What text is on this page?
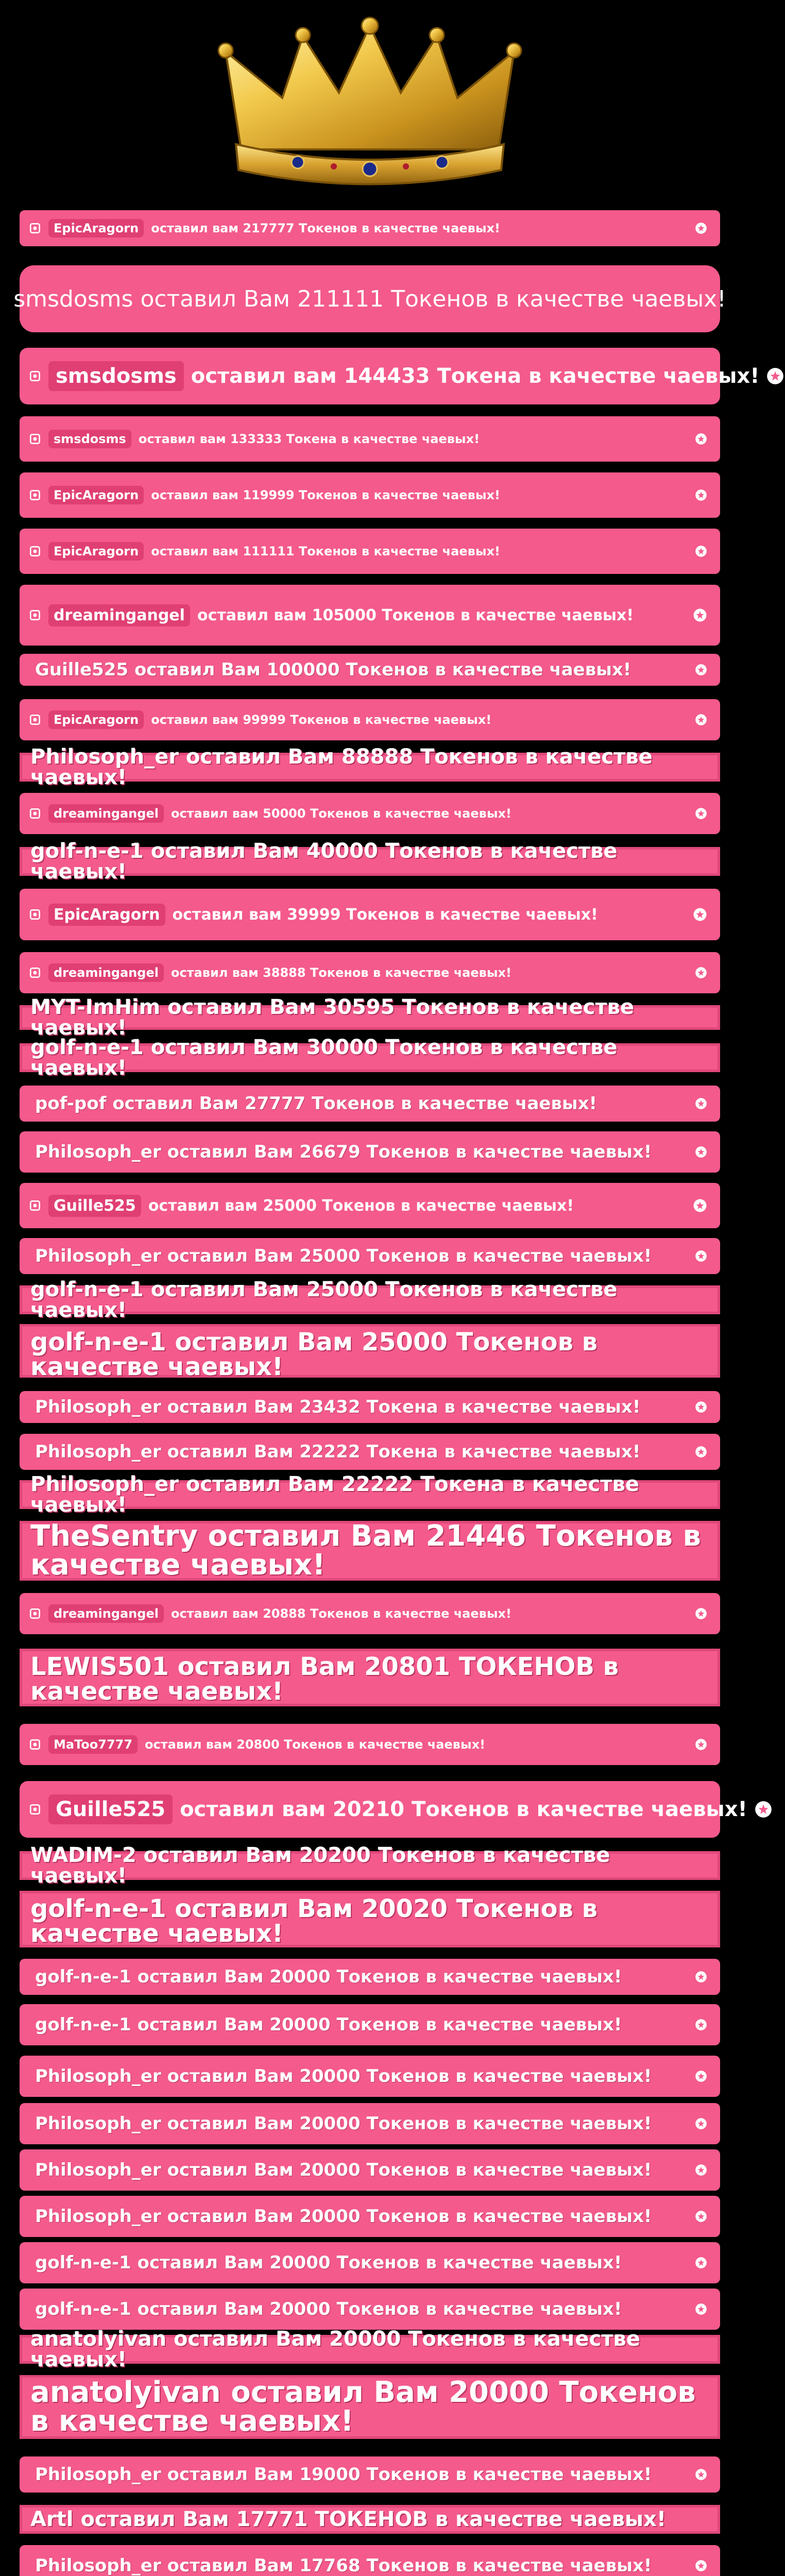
EpicAragorn	оставил вам 217777 Токенов в качестве чаевых!
smsdosms оставил Вам 211111 Токенов в качестве чаевых!
smsdosms оставил вам 144433 Токена в качестве чаевых!
smsdosms	оставил вам 133333 Токена в качестве чаевых!
EpicAragorn	оставил вам 119999 Токенов в качестве чаевых!
EpicAragorn	оставил вам 111111 Токенов в качестве чаевых!
dreamingangel оставил вам 105000 Токенов в качестве чаевых!
Guille525 оставил Вам 100000 Токенов в качестве чаевых!
EpicAragorn	оставил вам 99999 Токенов в качестве чаевых!
Philosoph_er оставил Вам 88888 Токенов в качестве чаевых!
dreamingangel	оставил вам 50000 Токенов в качестве чаевых!
golf-n-e-1 оставил Вам 40000 Токенов в качестве чаевых!
EpicAragorn оставил вам 39999 Токенов в качестве чаевых!
dreamingangel	оставил вам 38888 Токенов в качестве чаевых!
MYT-ImHim оставил Вам 30595 Токенов в качестве чаевых!
golf-n-e-1 оставил Вам 30000 Токенов в качестве чаевых!
pof-pof оставил Вам 27777 Токенов в качестве чаевых!
Philosoph_er оставил Вам 26679 Токенов в качестве чаевых!
Guille525 оставил вам 25000 Токенов в качестве чаевых!
Philosoph_er оставил Вам 25000 Токенов в качестве чаевых!
golf-n-e-1 оставил Вам 25000 Токенов в качестве чаевых!
golf-n-e-1 оставил Вам 25000 Токенов в качестве чаевых!
Philosoph_er оставил Вам 23432 Токена в качестве чаевых!
Philosoph_er оставил Вам 22222 Токена в качестве чаевых!
Philosoph_er оставил Вам 22222 Токена в качестве чаевых!
TheSentry оставил Вам 21446 Токенов в качестве чаевых!
dreamingangel	оставил вам 20888 Токенов в качестве чаевых!
LEWIS501 оставил Вам 20801 ТОКЕНОВ в качестве чаевых!
MaToo7777	оставил вам 20800 Токенов в качестве чаевых!
Guille525 оставил вам 20210 Токенов в качестве чаевых!
WADIM-2 оставил Вам 20200 Токенов в качестве чаевых!
golf-n-e-1 оставил Вам 20020 Токенов в качестве чаевых!
golf-n-e-1 оставил Вам 20000 Токенов в качестве чаевых!
golf-n-e-1 оставил Вам 20000 Токенов в качестве чаевых!
Philosoph_er оставил Вам 20000 Токенов в качестве чаевых!
Philosoph_er оставил Вам 20000 Токенов в качестве чаевых!
Philosoph_er оставил Вам 20000 Токенов в качестве чаевых!
Philosoph_er оставил Вам 20000 Токенов в качестве чаевых!
golf-n-e-1 оставил Вам 20000 Токенов в качестве чаевых!
golf-n-e-1 оставил Вам 20000 Токенов в качестве чаевых!
anatolyivan оставил Вам 20000 Токенов в качестве чаевых!
anatolyivan оставил Вам 20000 Токенов в качестве чаевых!
Philosoph_er оставил Вам 19000 Токенов в качестве чаевых!
Artl оставил Вам 17771 ТОКЕНОВ в качестве чаевых!
Philosoph_er оставил Вам 17768 Токенов в качестве чаевых!
